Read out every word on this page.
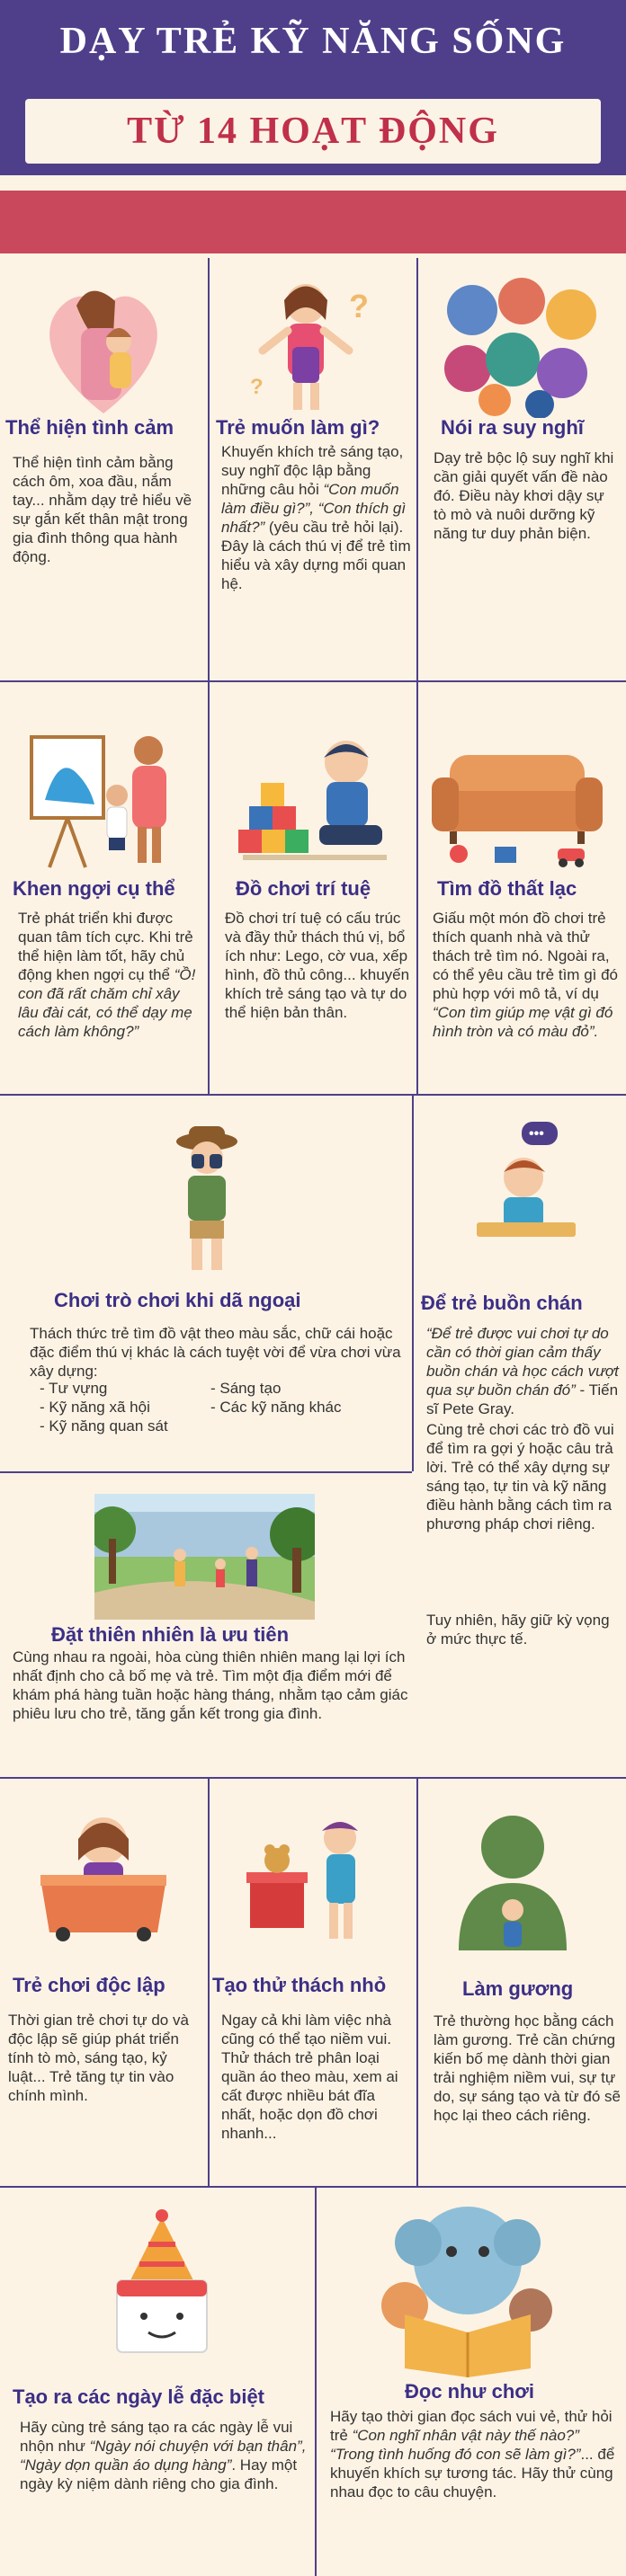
DẠY TRẺ KỸ NĂNG SỐNG
TỪ 14 HOẠT ĐỘNG
Thể hiện tình cảm
Thể hiện tình cảm bằng cách ôm, xoa đầu, nắm tay... nhằm dạy trẻ hiểu về sự gắn kết thân mật trong gia đình thông qua hành động.
?
?
Trẻ muốn làm gì?
Khuyến khích trẻ sáng tạo, suy nghĩ độc lập bằng những câu hỏi “Con muốn làm điều gì?”, “Con thích gì nhất?” (yêu cầu trẻ hỏi lại). Đây là cách thú vị để trẻ tìm hiểu và xây dựng mối quan hệ.
Nói ra suy nghĩ
Dạy trẻ bộc lộ suy nghĩ khi cần giải quyết vấn đề nào đó. Điều này khơi dậy sự tò mò và nuôi dưỡng kỹ năng tư duy phản biện.
Khen ngợi cụ thể
Trẻ phát triển khi được quan tâm tích cực. Khi trẻ thể hiện làm tốt, hãy chủ động khen ngợi cụ thể “Ồ! con đã rất chăm chỉ xây lâu đài cát, có thể dạy mẹ cách làm không?”
Đồ chơi trí tuệ
Đồ chơi trí tuệ có cấu trúc và đầy thử thách thú vị, bổ ích như: Lego, cờ vua, xếp hình, đồ thủ công... khuyến khích trẻ sáng tạo và tự do thể hiện bản thân.
Tìm đồ thất lạc
Giấu một món đồ chơi trẻ thích quanh nhà và thử thách trẻ tìm nó. Ngoài ra, có thể yêu cầu trẻ tìm gì đó phù hợp với mô tả, ví dụ “Con tìm giúp mẹ vật gì đó hình tròn và có màu đỏ”.
Chơi trò chơi khi dã ngoại
Thách thức trẻ tìm đồ vật theo màu sắc, chữ cái hoặc đặc điểm thú vị khác là cách tuyệt vời để vừa chơi vừa xây dựng:
- Tư vựng
- Kỹ năng xã hội
- Kỹ năng quan sát
- Sáng tạo
- Các kỹ năng khác
•••
Để trẻ buồn chán
“Để trẻ được vui chơi tự do cần có thời gian cảm thấy buồn chán và học cách vượt qua sự buồn chán đó” - Tiến sĩ Pete Gray.
Cùng trẻ chơi các trò đồ vui để tìm ra gợi ý hoặc câu trả lời. Trẻ có thể xây dựng sự sáng tạo, tự tin và kỹ năng điều hành bằng cách tìm ra phương pháp chơi riêng.
Tuy nhiên, hãy giữ kỳ vọng ở mức thực tế.
Đặt thiên nhiên là ưu tiên
Cùng nhau ra ngoài, hòa cùng thiên nhiên mang lại lợi ích nhất định cho cả bố mẹ và trẻ. Tìm một địa điểm mới để khám phá hàng tuần hoặc hàng tháng, nhằm tạo cảm giác phiêu lưu cho trẻ, tăng gắn kết trong gia đình.
Trẻ chơi độc lập
Thời gian trẻ chơi tự do và độc lập sẽ giúp phát triển tính tò mò, sáng tạo, kỷ luật... Trẻ tăng tự tin vào chính mình.
Tạo thử thách nhỏ
Ngay cả khi làm việc nhà cũng có thể tạo niềm vui. Thử thách trẻ phân loại quần áo theo màu, xem ai cất được nhiều bát đĩa nhất, hoặc dọn đồ chơi nhanh...
Làm gương
Trẻ thường học bằng cách làm gương. Trẻ cần chứng kiến bố mẹ dành thời gian trải nghiệm niềm vui, sự tự do, sự sáng tạo và từ đó sẽ học lại theo cách riêng.
Tạo ra các ngày lễ đặc biệt
Hãy cùng trẻ sáng tạo ra các ngày lễ vui nhộn như “Ngày nói chuyện với bạn thân”, “Ngày dọn quần áo dụng hàng”. Hay một ngày kỳ niệm dành riêng cho gia đình.
Đọc như chơi
Hãy tạo thời gian đọc sách vui vẻ, thử hỏi trẻ “Con nghĩ nhân vật này thế nào?” “Trong tình huống đó con sẽ làm gì?”... để khuyến khích sự tương tác. Hãy thử cùng nhau đọc to câu chuyện.
